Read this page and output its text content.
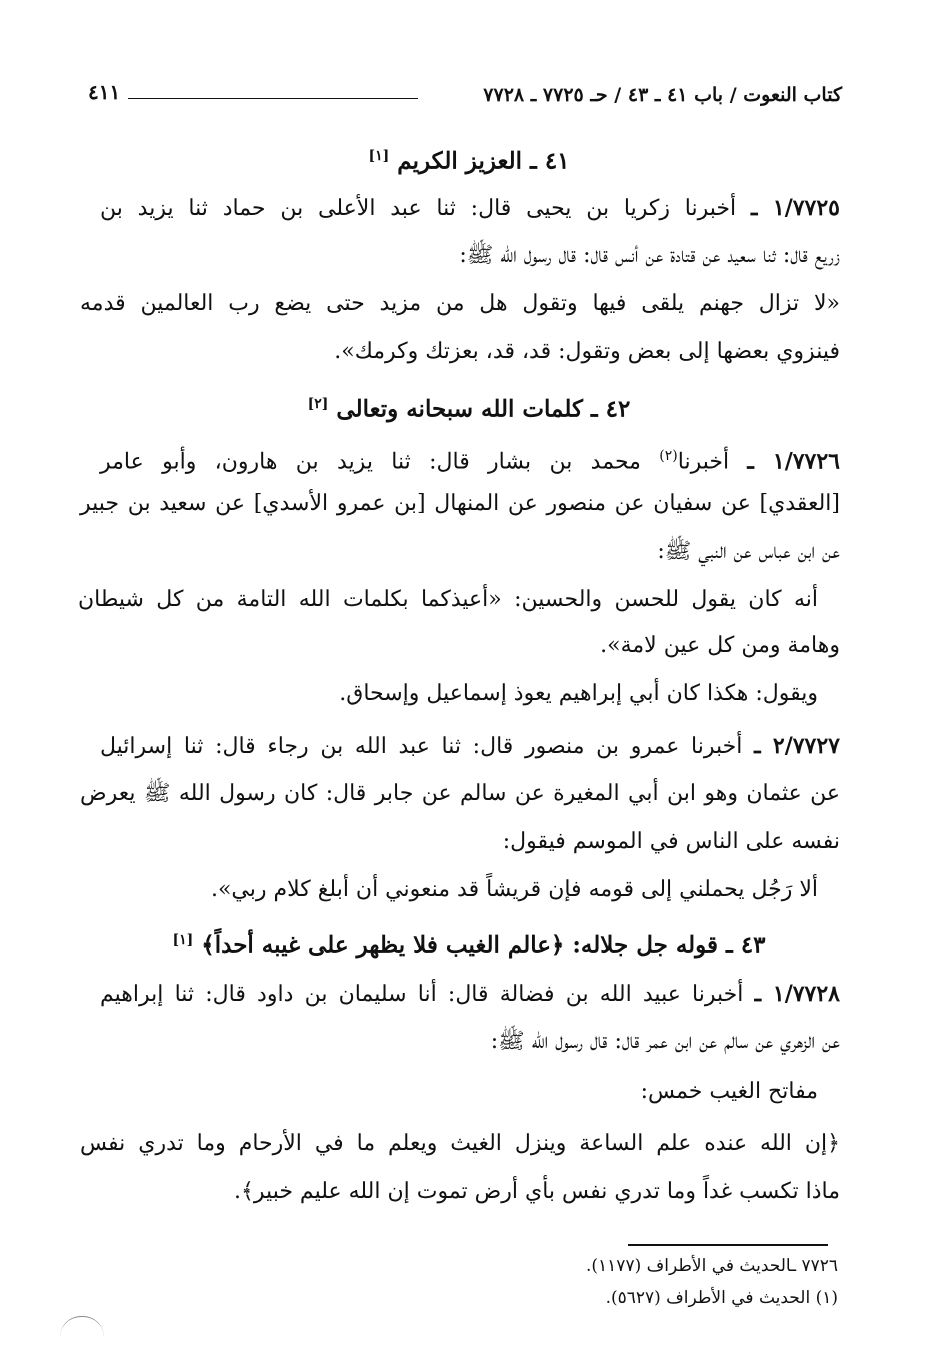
كتاب النعوت / باب ٤١ ـ ٤٣ / حـ ٧٧٢٥ ـ ٧٧٢٨
٤١١
٤١ ـ العزيز الكريم [١]
١/٧٧٢٥ ـ أخبرنا زكريا بن يحيى قال: ثنا عبد الأعلى بن حماد ثنا يزيد بن
زريع قال: ثنا سعيد عن قتادة عن أنس قال: قال رسول الله ﷺ:
«لا تزال جهنم يلقى فيها وتقول هل من مزيد حتى يضع رب العالمين قدمه
فينزوي بعضها إلى بعض وتقول: قد، قد، بعزتك وكرمك».
٤٢ ـ كلمات الله سبحانه وتعالى [٢]
١/٧٧٢٦ ـ أخبرنا$^{(٢)}$ محمد بن بشار قال: ثنا يزيد بن هارون، وأبو عامر
[العقدي] عن سفيان عن منصور عن المنهال [بن عمرو الأسدي] عن سعيد بن جبير
عن ابن عباس عن النبي ﷺ:
أنه كان يقول للحسن والحسين: «أعيذكما بكلمات الله التامة من كل شيطان
وهامة ومن كل عين لامة».
ويقول: هكذا كان أبي إبراهيم يعوذ إسماعيل وإسحاق.
٢/٧٧٢٧ ـ أخبرنا عمرو بن منصور قال: ثنا عبد الله بن رجاء قال: ثنا إسرائيل
عن عثمان وهو ابن أبي المغيرة عن سالم عن جابر قال: كان رسول الله ﷺ يعرض
نفسه على الناس في الموسم فيقول:
ألا رَجُل يحملني إلى قومه فإن قريشاً قد منعوني أن أبلغ كلام ربي».
٤٣ ـ قوله جل جلاله: ﴿عالم الغيب فلا يظهر على غيبه أحداً﴾ [١]
١/٧٧٢٨ ـ أخبرنا عبيد الله بن فضالة قال: أنا سليمان بن داود قال: ثنا إبراهيم
عن الزهري عن سالم عن ابن عمر قال: قال رسول الله ﷺ:
مفاتح الغيب خمس:
﴿إن الله عنده علم الساعة وينزل الغيث ويعلم ما في الأرحام وما تدري نفس
ماذا تكسب غداً وما تدري نفس بأي أرض تموت إن الله عليم خبير﴾.
٧٧٢٦ ـالحديث في الأطراف (١١٧٧).
(١) الحديث في الأطراف (٥٦٢٧).
